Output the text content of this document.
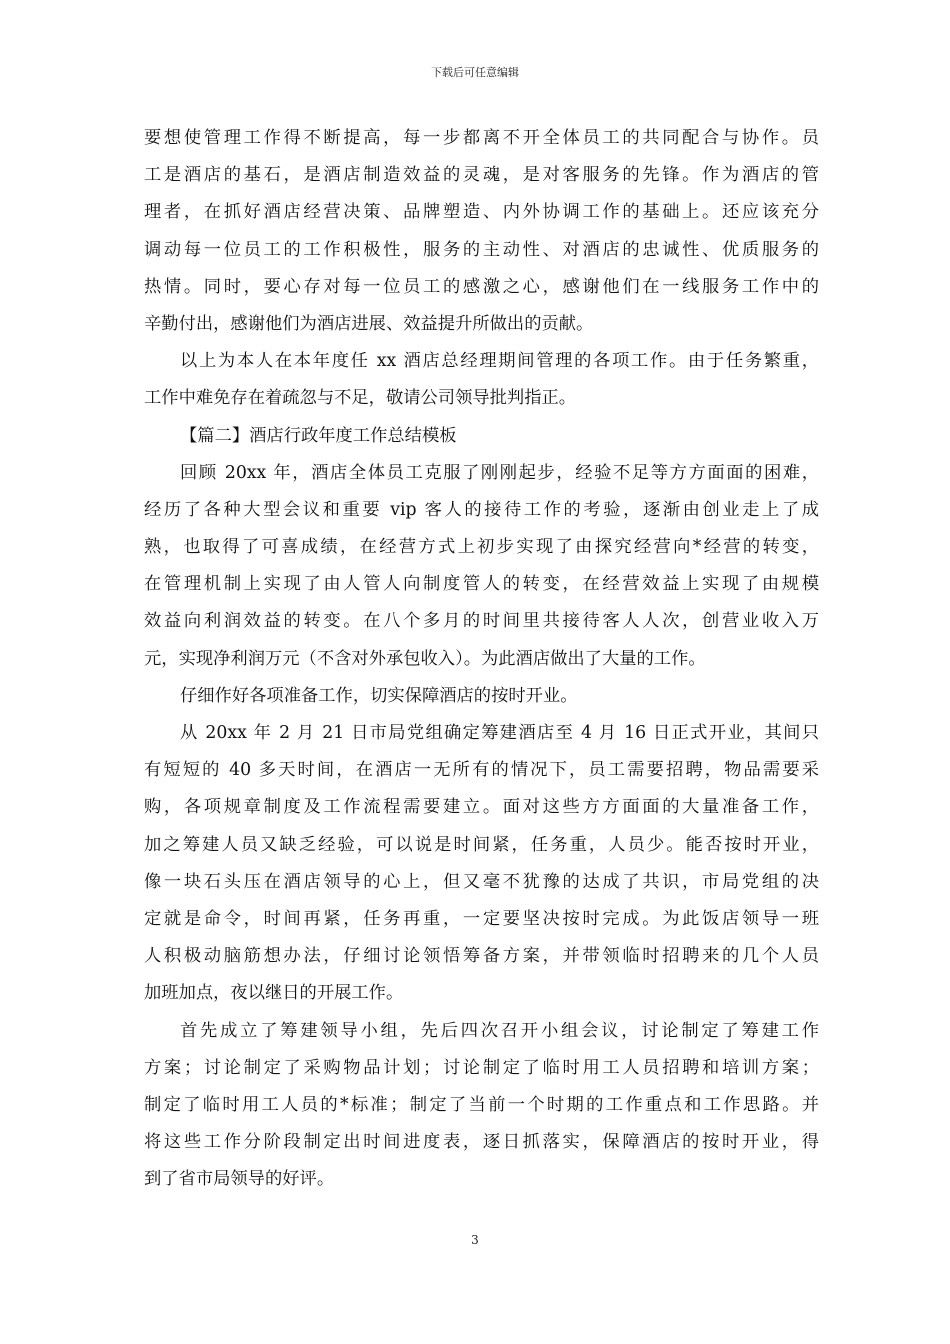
下载后可任意编辑
要想使管理工作得不断提高，每一步都离不开全体员工的共同配合与协作。员
工是酒店的基石，是酒店制造效益的灵魂，是对客服务的先锋。作为酒店的管
理者，在抓好酒店经营决策、品牌塑造、内外协调工作的基础上。还应该充分
调动每一位员工的工作积极性，服务的主动性、对酒店的忠诚性、优质服务的
热情。同时，要心存对每一位员工的感激之心，感谢他们在一线服务工作中的
辛勤付出，感谢他们为酒店进展、效益提升所做出的贡献。
以上为本人在本年度任 xx 酒店总经理期间管理的各项工作。由于任务繁重，
工作中难免存在着疏忽与不足，敬请公司领导批判指正。
【篇二】酒店行政年度工作总结模板
回顾 20xx 年，酒店全体员工克服了刚刚起步，经验不足等方方面面的困难，
经历了各种大型会议和重要 vip 客人的接待工作的考验，逐渐由创业走上了成
熟，也取得了可喜成绩，在经营方式上初步实现了由探究经营向*经营的转变，
在管理机制上实现了由人管人向制度管人的转变，在经营效益上实现了由规模
效益向利润效益的转变。在八个多月的时间里共接待客人人次，创营业收入万
元，实现净利润万元（不含对外承包收入）。为此酒店做出了大量的工作。
仔细作好各项准备工作，切实保障酒店的按时开业。
从 20xx 年 2 月 21 日市局党组确定筹建酒店至 4 月 16 日正式开业，其间只
有短短的 40 多天时间，在酒店一无所有的情况下，员工需要招聘，物品需要采
购，各项规章制度及工作流程需要建立。面对这些方方面面的大量准备工作，
加之筹建人员又缺乏经验，可以说是时间紧，任务重，人员少。能否按时开业，
像一块石头压在酒店领导的心上，但又毫不犹豫的达成了共识，市局党组的决
定就是命令，时间再紧，任务再重，一定要坚决按时完成。为此饭店领导一班
人积极动脑筋想办法，仔细讨论领悟筹备方案，并带领临时招聘来的几个人员
加班加点，夜以继日的开展工作。
首先成立了筹建领导小组，先后四次召开小组会议，讨论制定了筹建工作
方案；讨论制定了采购物品计划；讨论制定了临时用工人员招聘和培训方案；
制定了临时用工人员的*标准；制定了当前一个时期的工作重点和工作思路。并
将这些工作分阶段制定出时间进度表，逐日抓落实，保障酒店的按时开业，得
到了省市局领导的好评。
3
